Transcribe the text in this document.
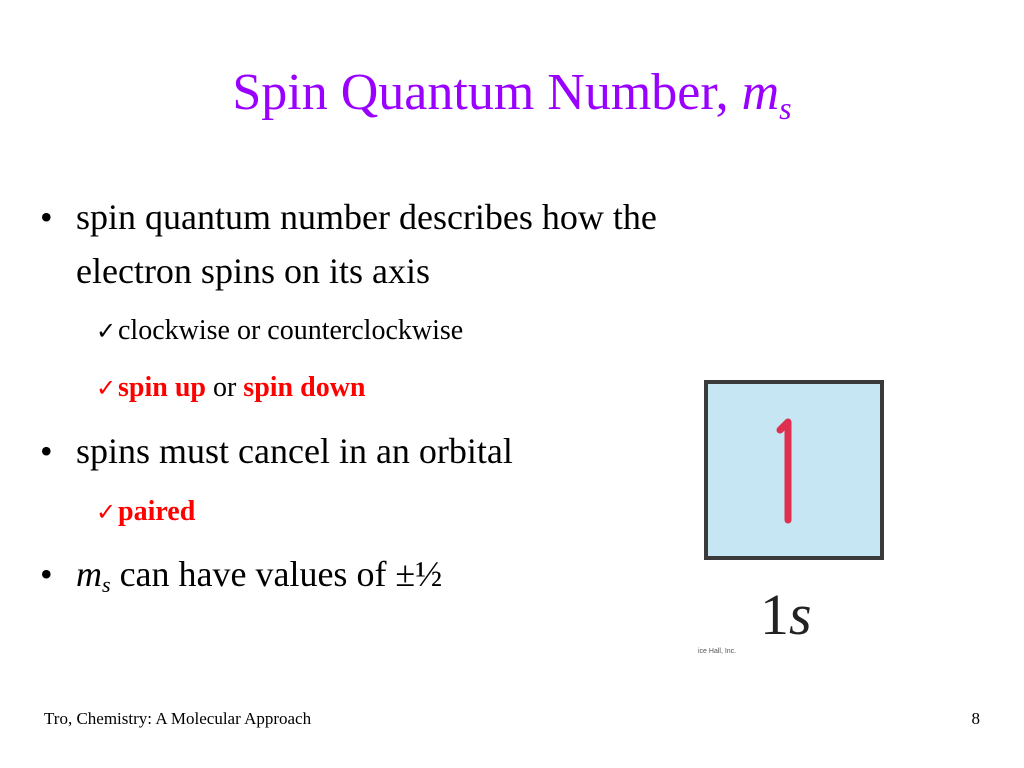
Spin Quantum Number, $m_s$
• spin quantum number describes how the
electron spins on its axis
✓clockwise or counterclockwise
✓spin up or spin down
• spins must cancel in an orbital
✓paired
• $m_s$ can have values of ±½
1s
ice Hall, Inc.
Tro, Chemistry: A Molecular Approach	8
